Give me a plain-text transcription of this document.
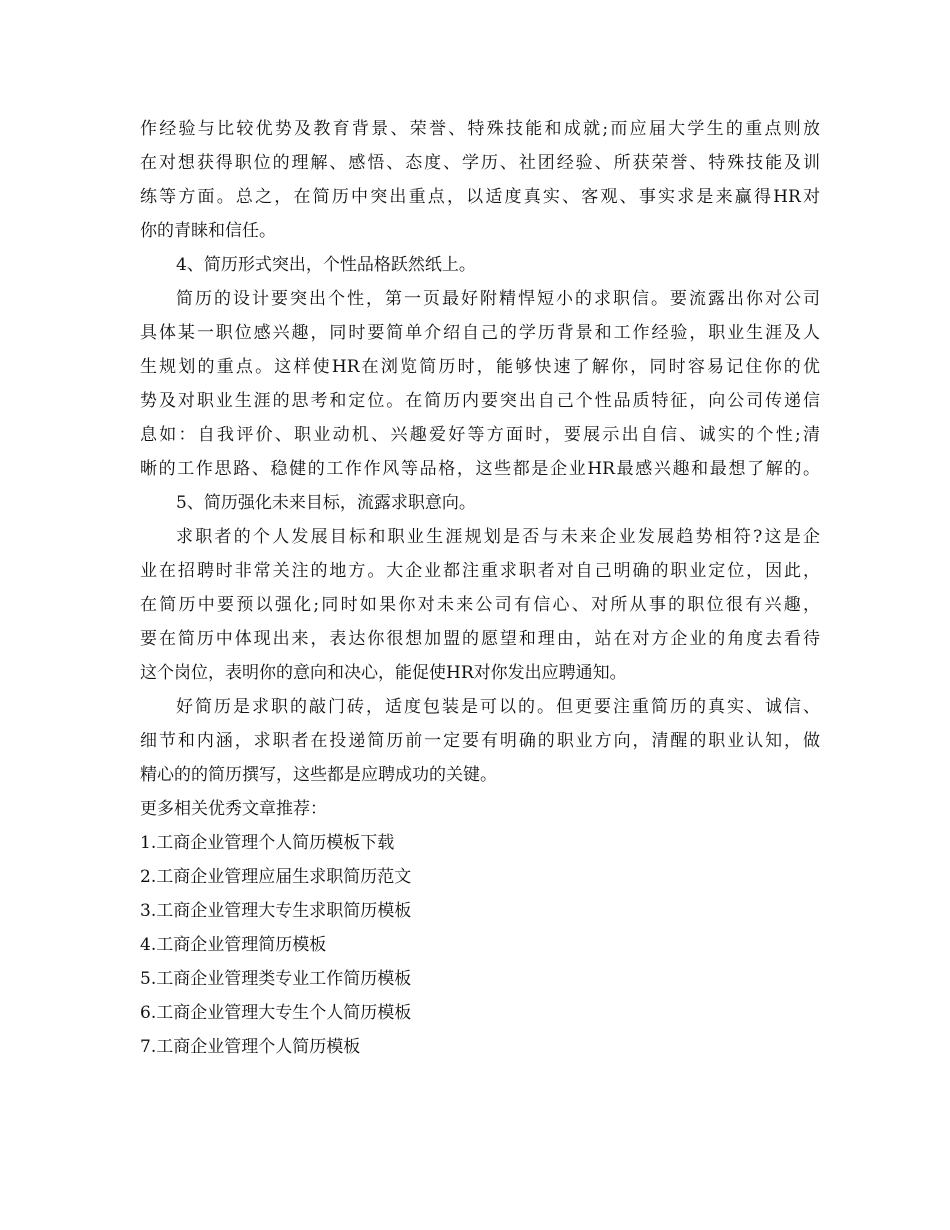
作经验与比较优势及教育背景、荣誉、特殊技能和成就;而应届大学生的重点则放
在对想获得职位的理解、感悟、态度、学历、社团经验、所获荣誉、特殊技能及训
练等方面。总之，在简历中突出重点，以适度真实、客观、事实求是来赢得HR对
你的青睐和信任。
4、简历形式突出，个性品格跃然纸上。
简历的设计要突出个性，第一页最好附精悍短小的求职信。要流露出你对公司
具体某一职位感兴趣，同时要简单介绍自己的学历背景和工作经验，职业生涯及人
生规划的重点。这样使HR在浏览简历时，能够快速了解你，同时容易记住你的优
势及对职业生涯的思考和定位。在简历内要突出自己个性品质特征，向公司传递信
息如：自我评价、职业动机、兴趣爱好等方面时，要展示出自信、诚实的个性;清
晰的工作思路、稳健的工作作风等品格，这些都是企业HR最感兴趣和最想了解的。
5、简历强化未来目标，流露求职意向。
求职者的个人发展目标和职业生涯规划是否与未来企业发展趋势相符?这是企
业在招聘时非常关注的地方。大企业都注重求职者对自己明确的职业定位，因此，
在简历中要预以强化;同时如果你对未来公司有信心、对所从事的职位很有兴趣，
要在简历中体现出来，表达你很想加盟的愿望和理由，站在对方企业的角度去看待
这个岗位，表明你的意向和决心，能促使HR对你发出应聘通知。
好简历是求职的敲门砖，适度包装是可以的。但更要注重简历的真实、诚信、
细节和内涵，求职者在投递简历前一定要有明确的职业方向，清醒的职业认知，做
精心的的简历撰写，这些都是应聘成功的关键。
更多相关优秀文章推荐：
1.工商企业管理个人简历模板下载
2.工商企业管理应届生求职简历范文
3.工商企业管理大专生求职简历模板
4.工商企业管理简历模板
5.工商企业管理类专业工作简历模板
6.工商企业管理大专生个人简历模板
7.工商企业管理个人简历模板
